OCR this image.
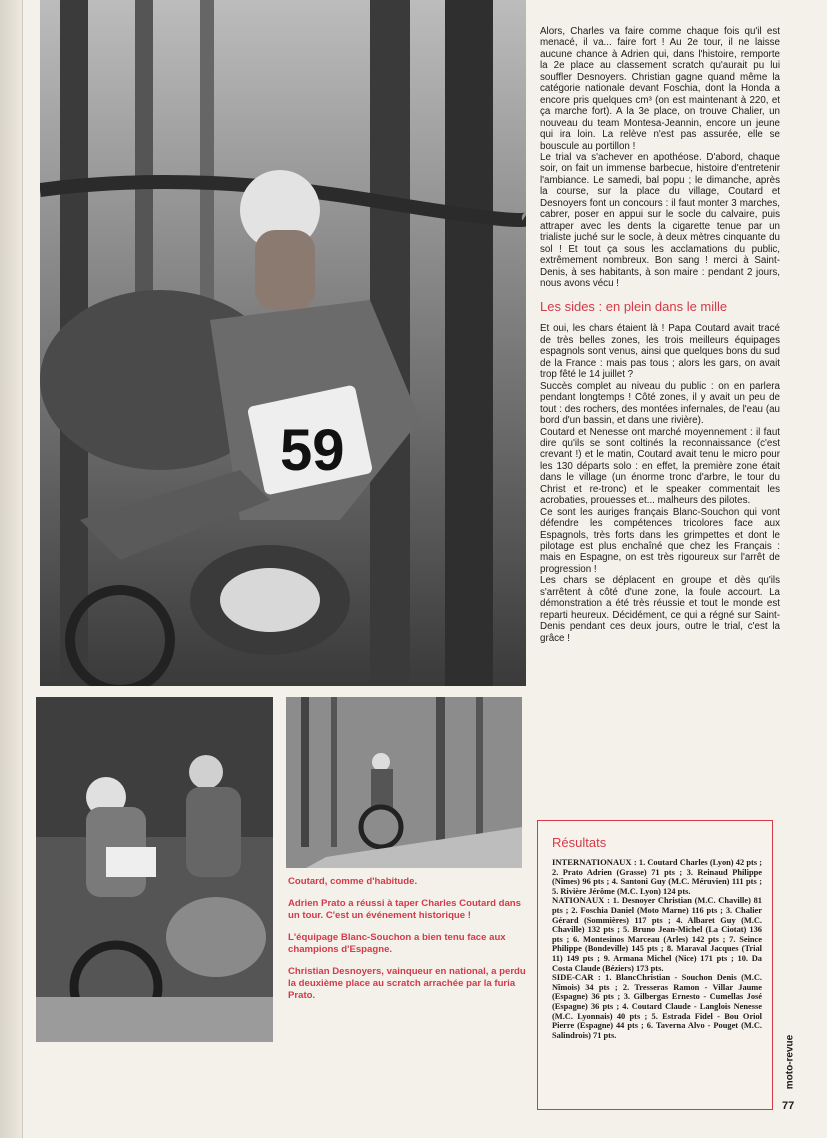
59

Coutard, comme d'habitude.

Adrien Prato a réussi à taper Charles Coutard dans un tour. C'est un événement historique !

L'équipage Blanc-Souchon a bien tenu face aux champions d'Espagne.

Christian Desnoyers, vainqueur en national, a perdu la deuxième place au scratch arrachée par la furia Prato.

Alors, Charles va faire comme chaque fois qu'il est menacé, il va... faire fort ! Au 2e tour, il ne laisse aucune chance à Adrien qui, dans l'histoire, remporte la 2e place au classement scratch qu'aurait pu lui souffler Desnoyers. Christian gagne quand même la catégorie nationale devant Foschia, dont la Honda a encore pris quelques cm³ (on est maintenant à 220, et ça marche fort). A la 3e place, on trouve Chalier, un nouveau du team Montesa-Jeannin, encore un jeune qui ira loin. La relève n'est pas assurée, elle se bouscule au portillon !

Le trial va s'achever en apothéose. D'abord, chaque soir, on fait un immense barbecue, histoire d'entretenir l'ambiance. Le samedi, bal popu ; le dimanche, après la course, sur la place du village, Coutard et Desnoyers font un concours : il faut monter 3 marches, cabrer, poser en appui sur le socle du calvaire, puis attraper avec les dents la cigarette tenue par un trialiste juché sur le socle, à deux mètres cinquante du sol ! Et tout ça sous les acclamations du public, extrêmement nombreux. Bon sang ! merci à Saint-Denis, à ses habitants, à son maire : pendant 2 jours, nous avons vécu !

Les sides : en plein dans le mille

Et oui, les chars étaient là ! Papa Coutard avait tracé de très belles zones, les trois meilleurs équipages espagnols sont venus, ainsi que quelques bons du sud de la France : mais pas tous ; alors les gars, on avait trop fêté le 14 juillet ?

Succès complet au niveau du public : on en parlera pendant longtemps ! Côté zones, il y avait un peu de tout : des rochers, des montées infernales, de l'eau (au bord d'un bassin, et dans une rivière).

Coutard et Nenesse ont marché moyennement : il faut dire qu'ils se sont coltinés la reconnaissance (c'est crevant !) et le matin, Coutard avait tenu le micro pour les 130 départs solo : en effet, la première zone était dans le village (un énorme tronc d'arbre, le tour du Christ et re-tronc) et le speaker commentait les acrobaties, prouesses et... malheurs des pilotes.

Ce sont les auriges français Blanc-Souchon qui vont défendre les compétences tricolores face aux Espagnols, très forts dans les grimpettes et dont le pilotage est plus enchaîné que chez les Français : mais en Espagne, on est très rigoureux sur l'arrêt de progression !

Les chars se déplacent en groupe et dès qu'ils s'arrêtent à côté d'une zone, la foule accourt. La démonstration a été très réussie et tout le monde est reparti heureux. Décidément, ce qui a régné sur Saint-Denis pendant ces deux jours, outre le trial, c'est la grâce !

Résultats
INTERNATIONAUX : 1. Coutard Charles (Lyon) 42 pts ; 2. Prato Adrien (Grasse) 71 pts ; 3. Reinaud Philippe (Nîmes) 96 pts ; 4. Santoni Guy (M.C. Méruvien) 111 pts ; 5. Rivière Jérôme (M.C. Lyon) 124 pts.
NATIONAUX : 1. Desnoyer Christian (M.C. Chaville) 81 pts ; 2. Foschia Daniel (Moto Marne) 116 pts ; 3. Chalier Gérard (Sommières) 117 pts ; 4. Albaret Guy (M.C. Chaville) 132 pts ; 5. Bruno Jean-Michel (La Ciotat) 136 pts ; 6. Montesinos Marceau (Arles) 142 pts ; 7. Seince Philippe (Bondeville) 145 pts ; 8. Maraval Jacques (Trial 11) 149 pts ; 9. Armana Michel (Nice) 171 pts ; 10. Da Costa Claude (Béziers) 173 pts.
SIDE-CAR : 1. BlancChristian - Souchon Denis (M.C. Nîmois) 34 pts ; 2. Tresseras Ramon - Villar Jaume (Espagne) 36 pts ; 3. Gilbergas Ernesto - Cumellas José (Espagne) 36 pts ; 4. Coutard Claude - Langlois Nenesse (M.C. Lyonnais) 40 pts ; 5. Estrada Fidel - Bou Oriol Pierre (Espagne) 44 pts ; 6. Taverna Alvo - Pouget (M.C. Salindrois) 71 pts.	moto-revue
77
